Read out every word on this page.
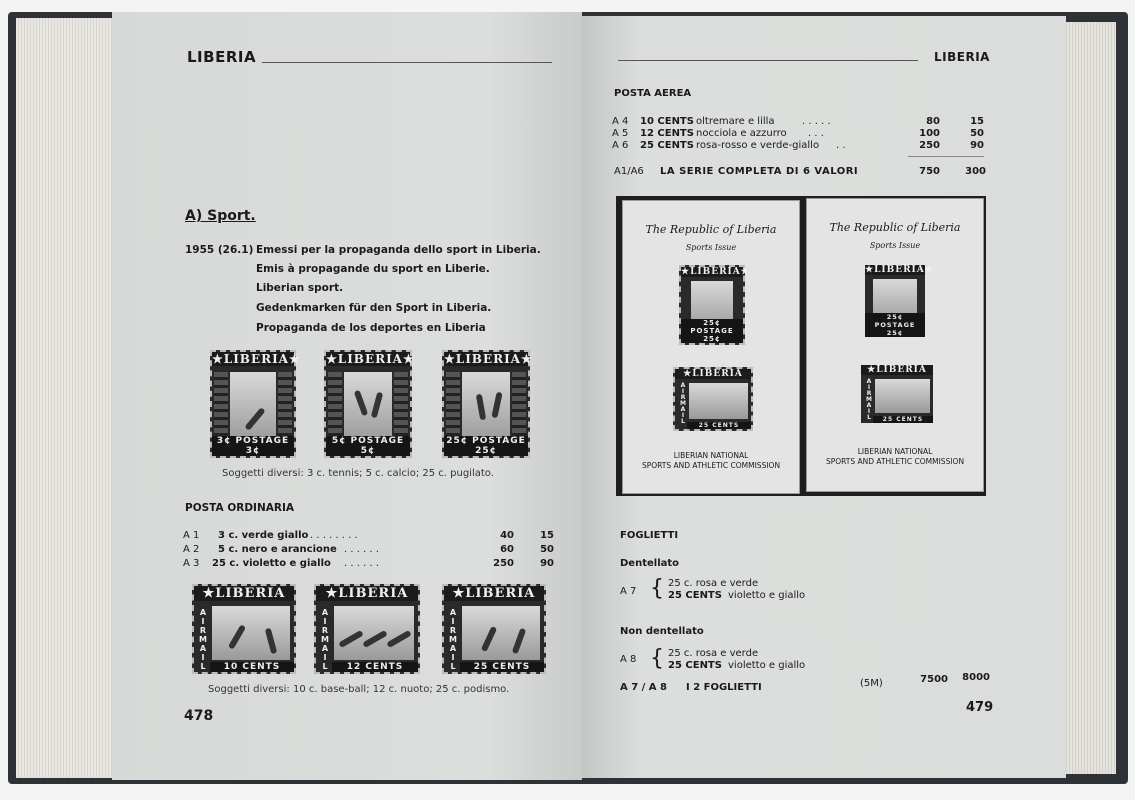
LIBERIA
A) Sport.
1955 (26.1) Emessi per la propaganda dello sport in Liberia.
Emis à propagande du sport en Liberie.
Liberian sport.
Gedenkmarken für den Sport in Liberia.
Propaganda de los deportes en Liberia
★LIBERIA★
3¢ POSTAGE 3¢
★LIBERIA★
5¢ POSTAGE 5¢
★LIBERIA★
25¢ POSTAGE 25¢
Soggetti diversi: 3 c. tennis; 5 c. calcio; 25 c. pugilato.
POSTA ORDINARIA
A 1 3 c. verde giallo . . . . . . . .	40	15
A 2 5 c. nero e arancione . . . . . .	60	50
A 3 25 c. violetto e giallo . . . . . .	250	90
★LIBERIA
A
I
R
M
A
I
L	10 CENTS
★LIBERIA
A
I
R
M
A
I
L	12 CENTS
★LIBERIA
A
I
R
M
A
I
L	25 CENTS
Soggetti diversi: 10 c. base-ball; 12 c. nuoto; 25 c. podismo.
478
LIBERIA
POSTA AEREA
A 4 10 CENTS oltremare e lilla	. . . . .	80	15
A 5 12 CENTS nocciola e azzurro . . .	100	50
A 6 25 CENTS rosa-rosso e verde-giallo . .	250	90
A1/A6 LA SERIE COMPLETA DI 6 VALORI	750	300
The Republic of Liberia
Sports Issue
★LIBERIA★
25¢ POSTAGE 25¢
★LIBERIA
A
I
R
M
A
I
L
25 CENTS
LIBERIAN NATIONAL
SPORTS AND ATHLETIC COMMISSION
The Republic of Liberia
Sports Issue
★LIBERIA★
25¢ POSTAGE 25¢
★LIBERIA
A
I
R
M
A
I
L	25 CENTS
LIBERIAN NATIONAL
SPORTS AND ATHLETIC COMMISSION
FOGLIETTI
Dentellato
A 7 { 25 c. rosa e verde
25 CENTS violetto e giallo
Non dentellato
A 8 { 25 c. rosa e verde
25 CENTS violetto e giallo
A 7 / A 8 I 2 FOGLIETTI	(5M)	7500	8000
479
